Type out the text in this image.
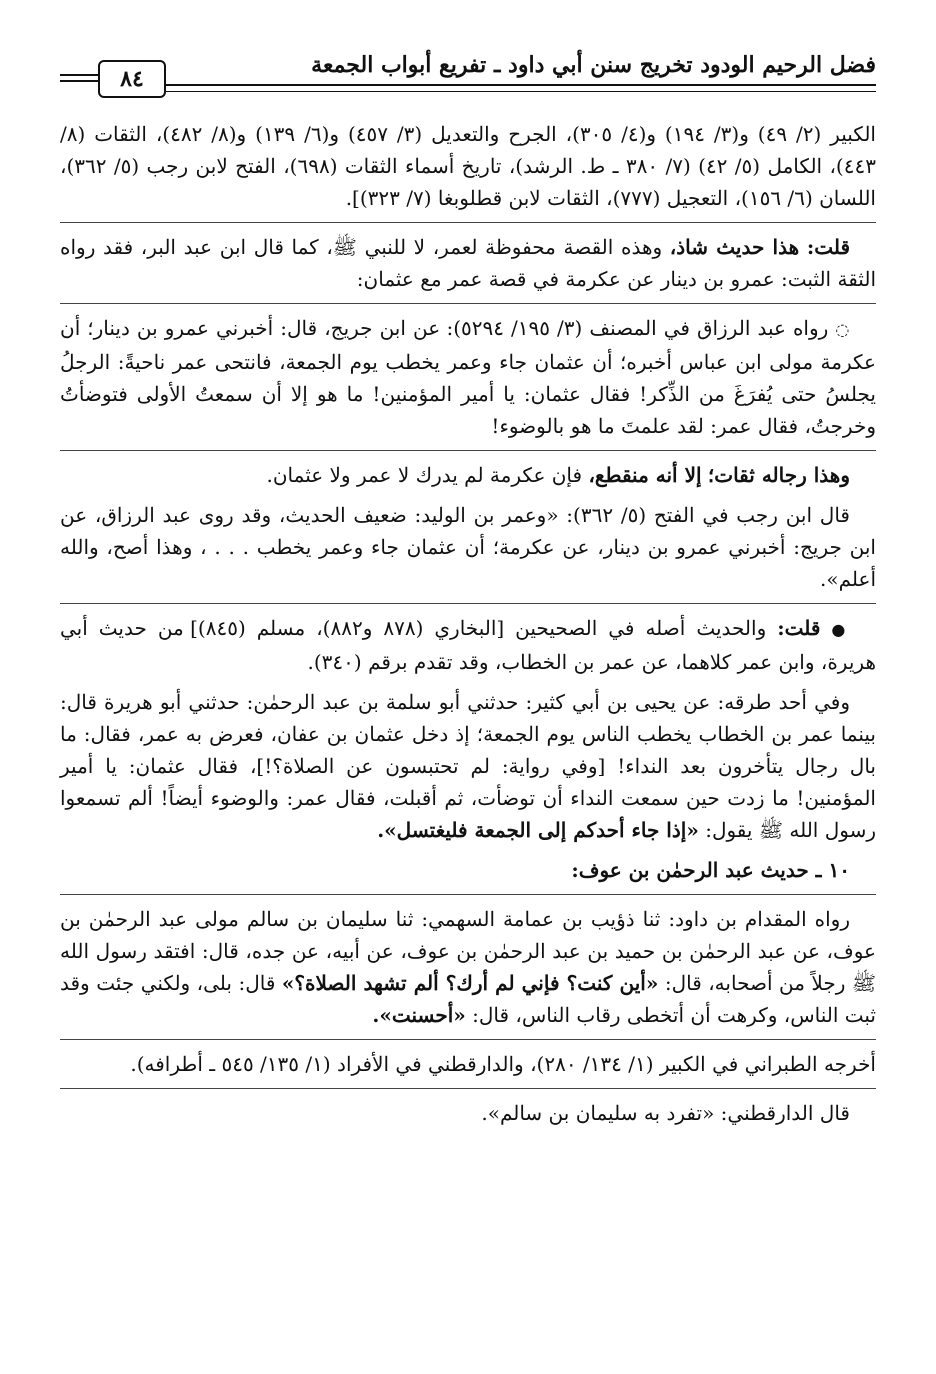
فضل الرحيم الودود تخريج سنن أبي داود ـ تفريع أبواب الجمعة
٨٤

الكبير (٢/ ٤٩) و(٣/ ١٩٤) و(٤/ ٣٠٥)، الجرح والتعديل (٣/ ٤٥٧) و(٦/ ١٣٩) و(٨/ ٤٨٢)، الثقات (٨/ ٤٤٣)، الكامل (٥/ ٤٢) (٧/ ٣٨٠ ـ ط. الرشد)، تاريخ أسماء الثقات (٦٩٨)، الفتح لابن رجب (٥/ ٣٦٢)، اللسان (٦/ ١٥٦)، التعجيل (٧٧٧)، الثقات لابن قطلوبغا (٧/ ٣٢٣)].

قلت: هذا حديث شاذ، وهذه القصة محفوظة لعمر، لا للنبي ﷺ، كما قال ابن عبد البر، فقد رواه الثقة الثبت: عمرو بن دينار عن عكرمة في قصة عمر مع عثمان:

◌ رواه عبد الرزاق في المصنف (٣/ ١٩٥/ ٥٢٩٤): عن ابن جريج، قال: أخبرني عمرو بن دينار؛ أن عكرمة مولى ابن عباس أخبره؛ أن عثمان جاء وعمر يخطب يوم الجمعة، فانتحى عمر ناحيةً: الرجلُ يجلسُ حتى يُفرَغَ من الذِّكر! فقال عثمان: يا أمير المؤمنين! ما هو إلا أن سمعتُ الأولى فتوضأتُ وخرجتُ، فقال عمر: لقد علمتَ ما هو بالوضوء!

وهذا رجاله ثقات؛ إلا أنه منقطع، فإن عكرمة لم يدرك لا عمر ولا عثمان.

قال ابن رجب في الفتح (٥/ ٣٦٢): «وعمر بن الوليد: ضعيف الحديث، وقد روى عبد الرزاق، عن ابن جريج: أخبرني عمرو بن دينار، عن عكرمة؛ أن عثمان جاء وعمر يخطب . . . ، وهذا أصح، والله أعلم».

● قلت: والحديث أصله في الصحيحين [البخاري (٨٧٨ و٨٨٢)، مسلم (٨٤٥)] من حديث أبي هريرة، وابن عمر كلاهما، عن عمر بن الخطاب، وقد تقدم برقم (٣٤٠).

وفي أحد طرقه: عن يحيى بن أبي كثير: حدثني أبو سلمة بن عبد الرحمٰن: حدثني أبو هريرة قال: بينما عمر بن الخطاب يخطب الناس يوم الجمعة؛ إذ دخل عثمان بن عفان، فعرض به عمر، فقال: ما بال رجال يتأخرون بعد النداء! [وفي رواية: لم تحتبسون عن الصلاة؟!]، فقال عثمان: يا أمير المؤمنين! ما زدت حين سمعت النداء أن توضأت، ثم أقبلت، فقال عمر: والوضوء أيضاً! ألم تسمعوا رسول الله ﷺ يقول: «إذا جاء أحدكم إلى الجمعة فليغتسل».

١٠ ـ حديث عبد الرحمٰن بن عوف:

رواه المقدام بن داود: ثنا ذؤيب بن عمامة السهمي: ثنا سليمان بن سالم مولى عبد الرحمٰن بن عوف، عن عبد الرحمٰن بن حميد بن عبد الرحمٰن بن عوف، عن أبيه، عن جده، قال: افتقد رسول الله ﷺ رجلاً من أصحابه، قال: «أين كنت؟ فإني لم أرك؟ ألم تشهد الصلاة؟» قال: بلى، ولكني جئت وقد ثبت الناس، وكرهت أن أتخطى رقاب الناس، قال: «أحسنت».

أخرجه الطبراني في الكبير (١/ ١٣٤/ ٢٨٠)، والدارقطني في الأفراد (١/ ١٣٥/ ٥٤٥ ـ أطرافه).

قال الدارقطني: «تفرد به سليمان بن سالم».
